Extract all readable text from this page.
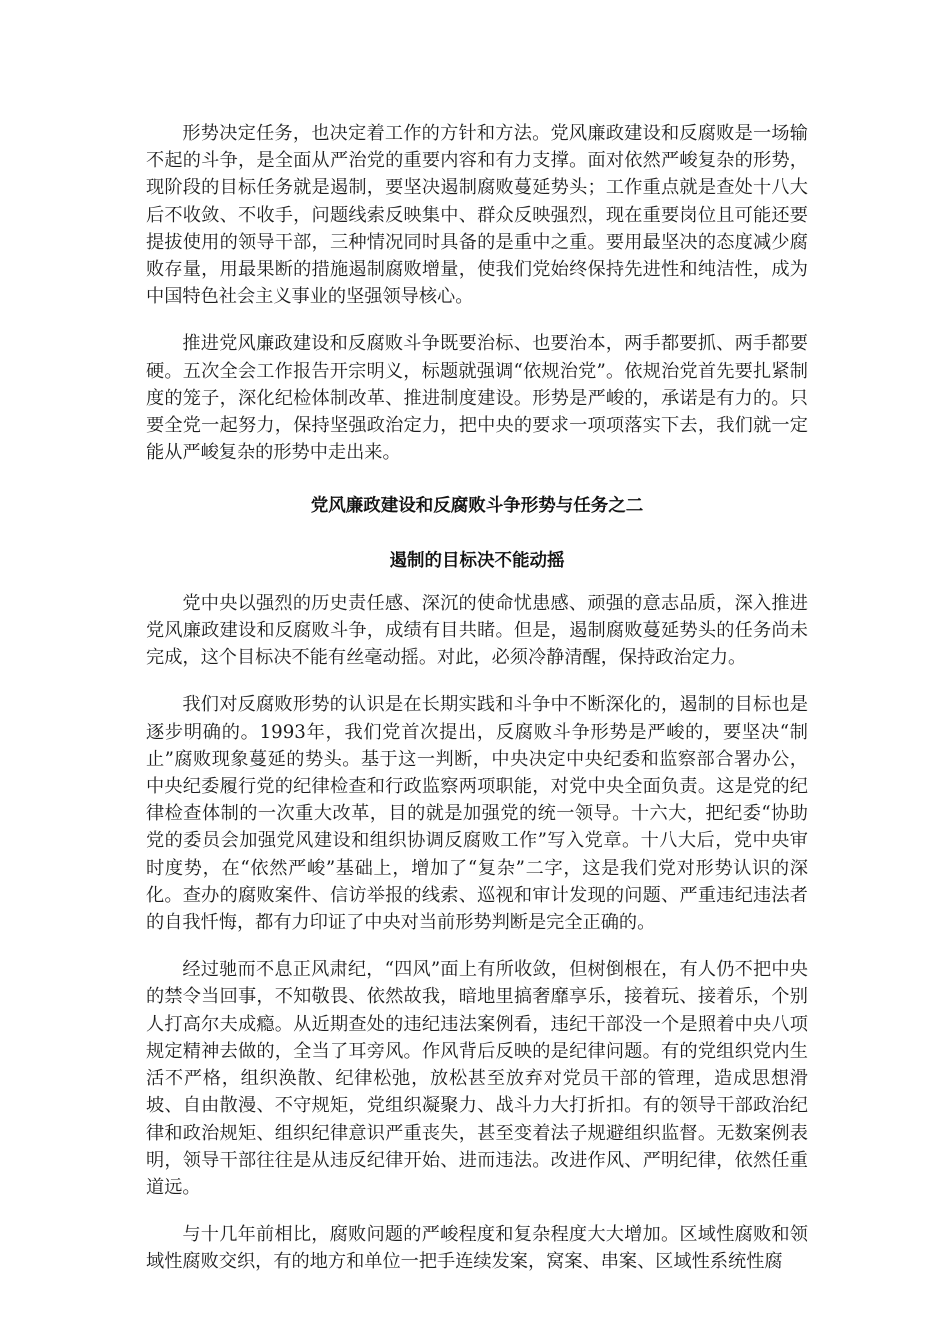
形势决定任务，也决定着工作的方针和方法。党风廉政建设和反腐败是一场输不起的斗争，是全面从严治党的重要内容和有力支撑。面对依然严峻复杂的形势，现阶段的目标任务就是遏制，要坚决遏制腐败蔓延势头；工作重点就是查处十八大后不收敛、不收手，问题线索反映集中、群众反映强烈，现在重要岗位且可能还要提拔使用的领导干部，三种情况同时具备的是重中之重。要用最坚决的态度减少腐败存量，用最果断的措施遏制腐败增量，使我们党始终保持先进性和纯洁性，成为中国特色社会主义事业的坚强领导核心。

推进党风廉政建设和反腐败斗争既要治标、也要治本，两手都要抓、两手都要硬。五次全会工作报告开宗明义，标题就强调“依规治党”。依规治党首先要扎紧制度的笼子，深化纪检体制改革、推进制度建设。形势是严峻的，承诺是有力的。只要全党一起努力，保持坚强政治定力，把中央的要求一项项落实下去，我们就一定能从严峻复杂的形势中走出来。

党风廉政建设和反腐败斗争形势与任务之二

遏制的目标决不能动摇

党中央以强烈的历史责任感、深沉的使命忧患感、顽强的意志品质，深入推进党风廉政建设和反腐败斗争，成绩有目共睹。但是，遏制腐败蔓延势头的任务尚未完成，这个目标决不能有丝毫动摇。对此，必须冷静清醒，保持政治定力。

我们对反腐败形势的认识是在长期实践和斗争中不断深化的，遏制的目标也是逐步明确的。1993年，我们党首次提出，反腐败斗争形势是严峻的，要坚决“制止”腐败现象蔓延的势头。基于这一判断，中央决定中央纪委和监察部合署办公，中央纪委履行党的纪律检查和行政监察两项职能，对党中央全面负责。这是党的纪律检查体制的一次重大改革，目的就是加强党的统一领导。十六大，把纪委“协助党的委员会加强党风建设和组织协调反腐败工作”写入党章。十八大后，党中央审时度势，在“依然严峻”基础上，增加了“复杂”二字，这是我们党对形势认识的深化。查办的腐败案件、信访举报的线索、巡视和审计发现的问题、严重违纪违法者的自我忏悔，都有力印证了中央对当前形势判断是完全正确的。

经过驰而不息正风肃纪，“四风”面上有所收敛，但树倒根在，有人仍不把中央的禁令当回事，不知敬畏、依然故我，暗地里搞奢靡享乐，接着玩、接着乐，个别人打高尔夫成瘾。从近期查处的违纪违法案例看，违纪干部没一个是照着中央八项规定精神去做的，全当了耳旁风。作风背后反映的是纪律问题。有的党组织党内生活不严格，组织涣散、纪律松弛，放松甚至放弃对党员干部的管理，造成思想滑坡、自由散漫、不守规矩，党组织凝聚力、战斗力大打折扣。有的领导干部政治纪律和政治规矩、组织纪律意识严重丧失，甚至变着法子规避组织监督。无数案例表明，领导干部往往是从违反纪律开始、进而违法。改进作风、严明纪律，依然任重道远。

与十几年前相比，腐败问题的严峻程度和复杂程度大大增加。区域性腐败和领域性腐败交织，有的地方和单位一把手连续发案，窝案、串案、区域性系统性腐
